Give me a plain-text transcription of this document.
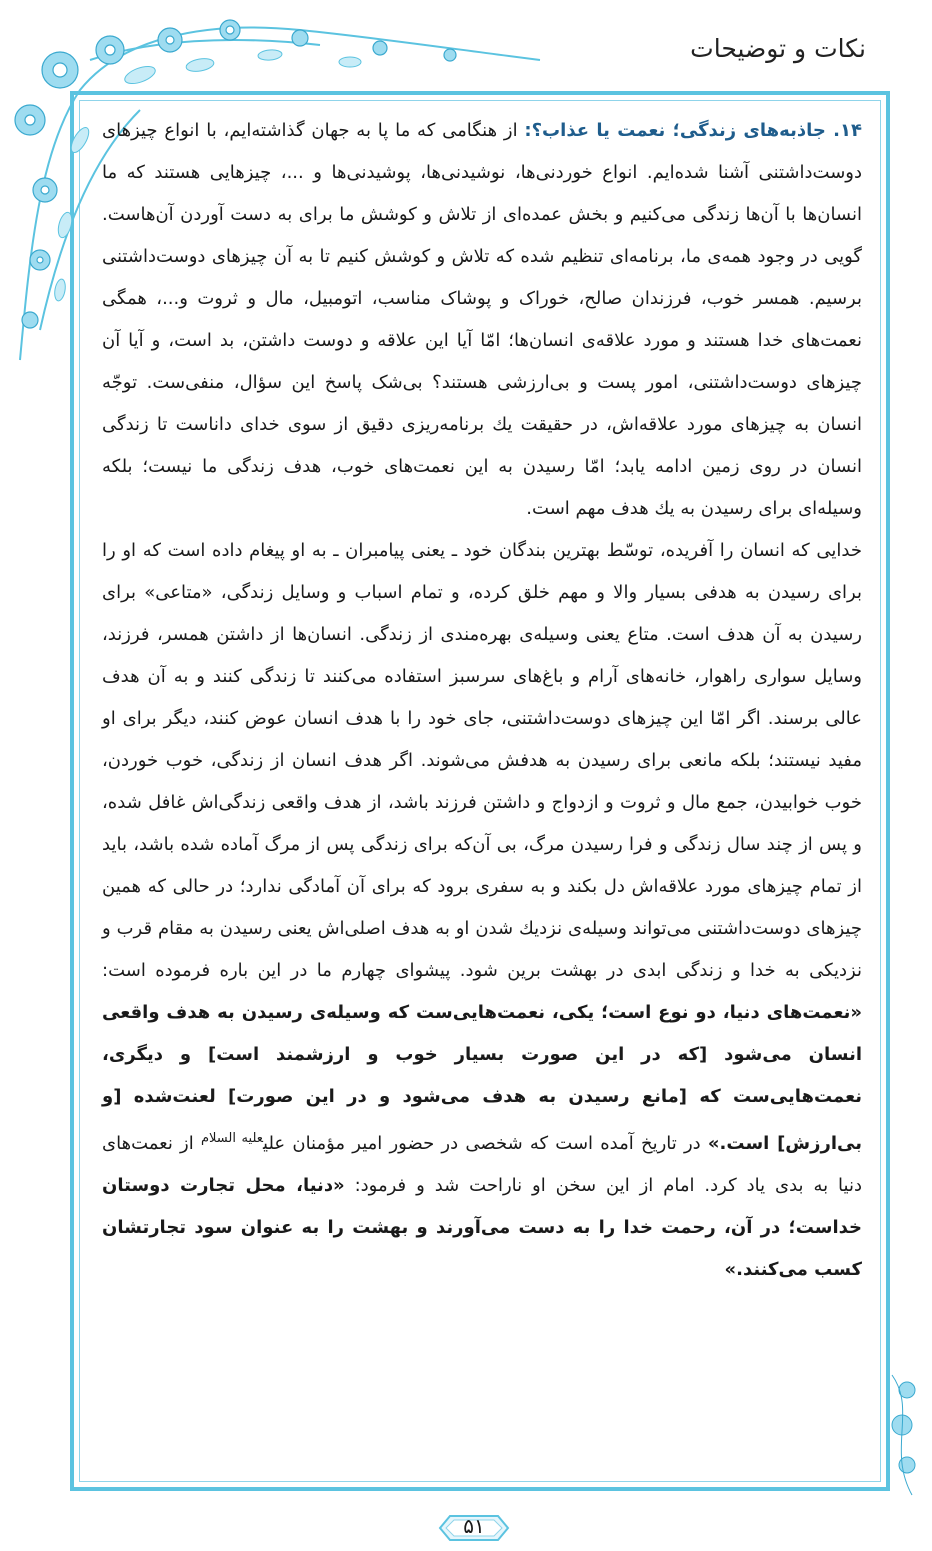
نکات و توضیحات

۱۴. جاذبه‌های زندگی؛ نعمت یا عذاب؟: از هنگامی که ما پا به جهان گذاشته‌ایم، با انواع چیزهای دوست‌داشتنی آشنا شده‌ایم. انواع خوردنی‌ها، نوشیدنی‌ها، پوشیدنی‌ها و ...، چیزهایی هستند که ما انسان‌ها با آن‌ها زندگی می‌کنیم و بخش عمده‌ای از تلاش و کوشش ما برای به دست آوردن آن‌هاست. گویی در وجود همه‌ی ما، برنامه‌ای تنظیم شده که تلاش و کوشش کنیم تا به آن چیزهای دوست‌داشتنی برسیم. همسر خوب، فرزندان صالح، خوراک و پوشاک مناسب، اتومبیل، مال و ثروت و...، همگی نعمت‌های خدا هستند و مورد علاقه‌ی انسان‌ها؛ امّا آیا این علاقه و دوست داشتن، بد است، و آیا آن چیزهای دوست‌داشتنی، امور پست و بی‌ارزشی هستند؟ بی‌شک پاسخ این سؤال، منفی‌ست. توجّه انسان به چیزهای مورد علاقه‌اش، در حقیقت یك برنامه‌ریزی دقیق از سوی خدای داناست تا زندگی انسان در روی زمین ادامه یابد؛ امّا رسیدن به این نعمت‌های خوب، هدف زندگی ما نیست؛ بلکه وسیله‌ای برای رسیدن به یك هدف مهم است.

خدایی که انسان را آفریده، توسّط بهترین بندگان خود ـ یعنی پیامبران ـ به او پیغام داده است که او را برای رسیدن به هدفی بسیار والا و مهم خلق کرده، و تمام اسباب و وسایل زندگی، «متاعی» برای رسیدن به آن هدف است. متاع یعنی وسیله‌ی بهره‌مندی از زندگی. انسان‌ها از داشتن همسر، فرزند، وسایل سواری راهوار، خانه‌های آرام و باغ‌های سرسبز استفاده می‌کنند تا زندگی کنند و به آن هدف عالی برسند. اگر امّا این چیزهای دوست‌داشتنی، جای خود را با هدف انسان عوض کنند، دیگر برای او مفید نیستند؛ بلکه مانعی برای رسیدن به هدفش می‌شوند. اگر هدف انسان از زندگی، خوب خوردن، خوب خوابیدن، جمع مال و ثروت و ازدواج و داشتن فرزند باشد، از هدف واقعی زندگی‌اش غافل شده، و پس از چند سال زندگی و فرا رسیدن مرگ، بی آن‌که برای زندگی پس از مرگ آماده شده باشد، باید از تمام چیزهای مورد علاقه‌اش دل بکند و به سفری برود که برای آن آمادگی ندارد؛ در حالی که همین چیزهای دوست‌داشتنی می‌تواند وسیله‌ی نزدیك شدن او به هدف اصلی‌اش یعنی رسیدن به مقام قرب و نزدیکی به خدا و زندگی ابدی در بهشت برین شود. پیشوای چهارم ما در این باره فرموده است: «نعمت‌های دنیا، دو نوع است؛ یکی، نعمت‌هایی‌ست که وسیله‌ی رسیدن به هدف واقعی انسان می‌شود [که در این صورت بسیار خوب و ارزشمند است] و دیگری، نعمت‌هایی‌ست که [مانع رسیدن به هدف می‌شود و در این صورت] لعنت‌شده [و بی‌ارزش] است.» در تاریخ آمده است که شخصی در حضور امیر مؤمنان علی$^{علیه السلام}$ از نعمت‌های دنیا به بدی یاد کرد. امام از این سخن او ناراحت شد و فرمود: «دنیا، محل تجارت دوستان خداست؛ در آن، رحمت خدا را به دست می‌آورند و بهشت را به عنوان سود تجارتشان کسب می‌کنند.»

۵۱
